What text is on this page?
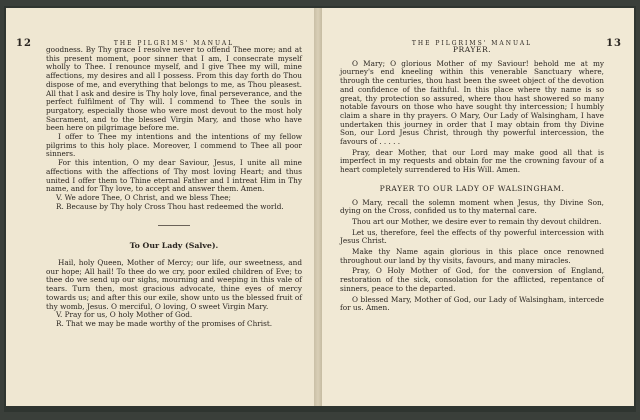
12	THE PILGRIMS' MANUAL

goodness. By Thy grace I resolve never to offend Thee more; and at this present moment, poor sinner that I am, I consecrate myself wholly to Thee. I renounce myself, and I give Thee my will, mine affections, my desires and all I possess. From this day forth do Thou dispose of me, and everything that belongs to me, as Thou pleasest. All that I ask and desire is Thy holy love, final perseverance, and the perfect fulfilment of Thy will. I commend to Thee the souls in purgatory, especially those who were most devout to the most holy Sacrament, and to the blessed Virgin Mary, and those who have been here on pilgrimage before me.

I offer to Thee my intentions and the intentions of my fellow pilgrims to this holy place. Moreover, I commend to Thee all poor sinners.

For this intention, O my dear Saviour, Jesus, I unite all mine affections with the affections of Thy most loving Heart; and thus united I offer them to Thine eternal Father and I intreat Him in Thy name, and for Thy love, to accept and answer them. Amen.

V. We adore Thee, O Christ, and we bless Thee;

R. Because by Thy holy Cross Thou hast redeemed the world.

To Our Lady (Salve).

Hail, holy Queen, Mother of Mercy; our life, our sweetness, and our hope; All hail! To thee do we cry, poor exiled children of Eve; to thee do we send up our sighs, mourning and weeping in this vale of tears. Turn then, most gracious advocate, thine eyes of mercy towards us; and after this our exile, show unto us the blessed fruit of thy womb, Jesus. O merciful, O loving, O sweet Virgin Mary.

V. Pray for us, O holy Mother of God.

R. That we may be made worthy of the promises of Christ.

THE PILGRIMS' MANUAL	13
PRAYER.

O Mary; O glorious Mother of my Saviour! behold me at my journey's end kneeling within this venerable Sanctuary where, through the centuries, thou hast been the sweet object of the devotion and confidence of the faithful. In this place where thy name is so great, thy protection so assured, where thou hast showered so many notable favours on those who have sought thy intercession; I humbly claim a share in thy prayers. O Mary, Our Lady of Walsingham, I have undertaken this journey in order that I may obtain from thy Divine Son, our Lord Jesus Christ, through thy powerful intercession, the favours of . . . . .

Pray, dear Mother, that our Lord may make good all that is imperfect in my requests and obtain for me the crowning favour of a heart completely surrendered to His Will. Amen.

PRAYER TO OUR LADY OF WALSINGHAM.

O Mary, recall the solemn moment when Jesus, thy Divine Son, dying on the Cross, confided us to thy maternal care.

Thou art our Mother, we desire ever to remain thy devout children.

Let us, therefore, feel the effects of thy powerful intercession with Jesus Christ.

Make thy Name again glorious in this place once renowned throughout our land by thy visits, favours, and many miracles.

Pray, O Holy Mother of God, for the conversion of England, restoration of the sick, consolation for the afflicted, repentance of sinners, peace to the departed.

O blessed Mary, Mother of God, our Lady of Walsingham, intercede for us. Amen.
